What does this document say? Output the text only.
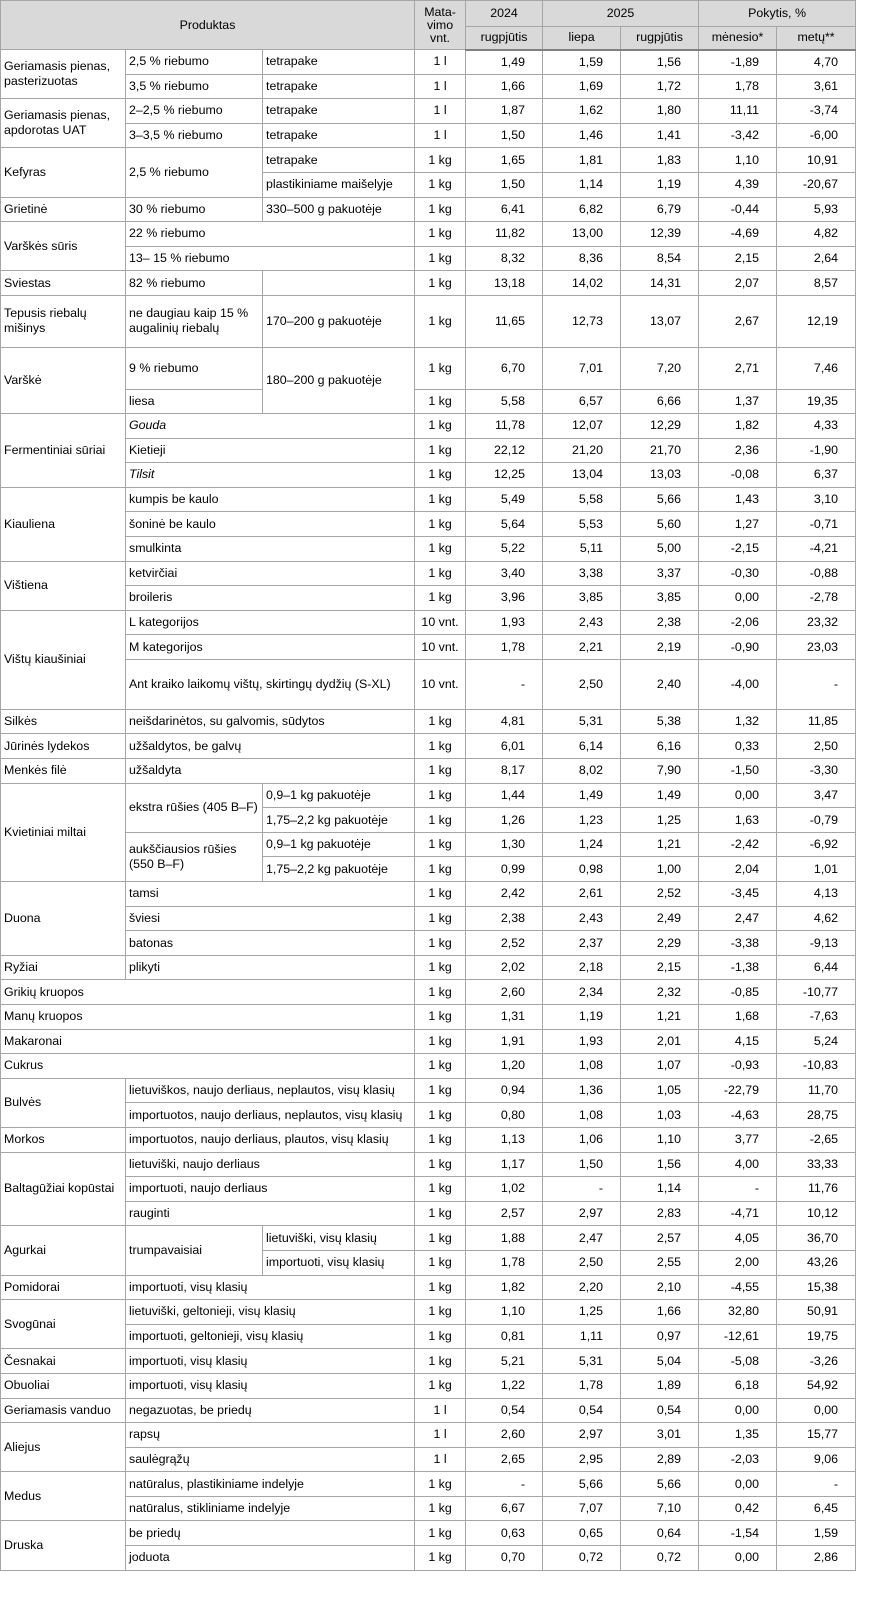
Produktas			Mata-
vimo
vnt.	2024	2025		Pokytis, %	
				rugpjūtis	liepa	rugpjūtis	mėnesio*	metų**
Geriamasis pienas, pasterizuotas	2,5 % riebumo	tetrapake	1 l	1,49	1,59	1,56	-1,89	4,70
	3,5 % riebumo	tetrapake	1 l	1,66	1,69	1,72	1,78	3,61
Geriamasis pienas, apdorotas UAT	2–2,5 % riebumo	tetrapake	1 l	1,87	1,62	1,80	11,11	-3,74
	3–3,5 % riebumo	tetrapake	1 l	1,50	1,46	1,41	-3,42	-6,00
Kefyras	2,5 % riebumo	tetrapake	1 kg	1,65	1,81	1,83	1,10	10,91
		plastikiniame maišelyje	1 kg	1,50	1,14	1,19	4,39	-20,67
Grietinė	30 % riebumo	330–500 g pakuotėje	1 kg	6,41	6,82	6,79	-0,44	5,93
Varškės sūris	22 % riebumo		1 kg	11,82	13,00	12,39	-4,69	4,82
	13– 15 % riebumo		1 kg	8,32	8,36	8,54	2,15	2,64
Sviestas	82 % riebumo		1 kg	13,18	14,02	14,31	2,07	8,57
Tepusis riebalų mišinys	ne daugiau kaip 15 % augalinių riebalų	170–200 g pakuotėje	1 kg	11,65	12,73	13,07	2,67	12,19
Varškė	9 % riebumo	180–200 g pakuotėje	1 kg	6,70	7,01	7,20	2,71	7,46
	liesa		1 kg	5,58	6,57	6,66	1,37	19,35
Fermentiniai sūriai	Gouda		1 kg	11,78	12,07	12,29	1,82	4,33
	Kietieji		1 kg	22,12	21,20	21,70	2,36	-1,90
	Tilsit		1 kg	12,25	13,04	13,03	-0,08	6,37
Kiauliena	kumpis be kaulo		1 kg	5,49	5,58	5,66	1,43	3,10
	šoninė be kaulo		1 kg	5,64	5,53	5,60	1,27	-0,71
	smulkinta		1 kg	5,22	5,11	5,00	-2,15	-4,21
Vištiena	ketvirčiai		1 kg	3,40	3,38	3,37	-0,30	-0,88
	broileris		1 kg	3,96	3,85	3,85	0,00	-2,78
Vištų kiaušiniai	L kategorijos		10 vnt.	1,93	2,43	2,38	-2,06	23,32
	M kategorijos		10 vnt.	1,78	2,21	2,19	-0,90	23,03
	Ant kraiko laikomų vištų, skirtingų dydžių (S-XL)		10 vnt.	-	2,50	2,40	-4,00	-
Silkės	neišdarinėtos, su galvomis, sūdytos		1 kg	4,81	5,31	5,38	1,32	11,85
Jūrinės lydekos	užšaldytos, be galvų		1 kg	6,01	6,14	6,16	0,33	2,50
Menkės filė	užšaldyta		1 kg	8,17	8,02	7,90	-1,50	-3,30
Kvietiniai miltai	ekstra rūšies (405 B–F)	0,9–1 kg pakuotėje	1 kg	1,44	1,49	1,49	0,00	3,47
		1,75–2,2 kg pakuotėje	1 kg	1,26	1,23	1,25	1,63	-0,79
	aukščiausios rūšies (550 B–F)	0,9–1 kg pakuotėje	1 kg	1,30	1,24	1,21	-2,42	-6,92
		1,75–2,2 kg pakuotėje	1 kg	0,99	0,98	1,00	2,04	1,01
Duona	tamsi		1 kg	2,42	2,61	2,52	-3,45	4,13
	šviesi		1 kg	2,38	2,43	2,49	2,47	4,62
	batonas		1 kg	2,52	2,37	2,29	-3,38	-9,13
Ryžiai	plikyti		1 kg	2,02	2,18	2,15	-1,38	6,44
Grikių kruopos			1 kg	2,60	2,34	2,32	-0,85	-10,77
Manų kruopos			1 kg	1,31	1,19	1,21	1,68	-7,63
Makaronai			1 kg	1,91	1,93	2,01	4,15	5,24
Cukrus			1 kg	1,20	1,08	1,07	-0,93	-10,83
Bulvės	lietuviškos, naujo derliaus, neplautos, visų klasių		1 kg	0,94	1,36	1,05	-22,79	11,70
	importuotos, naujo derliaus, neplautos, visų klasių		1 kg	0,80	1,08	1,03	-4,63	28,75
Morkos	importuotos, naujo derliaus, plautos, visų klasių		1 kg	1,13	1,06	1,10	3,77	-2,65
Baltagūžiai kopūstai	lietuviški, naujo derliaus		1 kg	1,17	1,50	1,56	4,00	33,33
	importuoti, naujo derliaus		1 kg	1,02	-	1,14	-	11,76
	rauginti		1 kg	2,57	2,97	2,83	-4,71	10,12
Agurkai	trumpavaisiai	lietuviški, visų klasių	1 kg	1,88	2,47	2,57	4,05	36,70
		importuoti, visų klasių	1 kg	1,78	2,50	2,55	2,00	43,26
Pomidorai	importuoti, visų klasių		1 kg	1,82	2,20	2,10	-4,55	15,38
Svogūnai	lietuviški, geltonieji, visų klasių		1 kg	1,10	1,25	1,66	32,80	50,91
	importuoti, geltonieji, visų klasių		1 kg	0,81	1,11	0,97	-12,61	19,75
Česnakai	importuoti, visų klasių		1 kg	5,21	5,31	5,04	-5,08	-3,26
Obuoliai	importuoti, visų klasių		1 kg	1,22	1,78	1,89	6,18	54,92
Geriamasis vanduo	negazuotas, be priedų		1 l	0,54	0,54	0,54	0,00	0,00
Aliejus	rapsų		1 l	2,60	2,97	3,01	1,35	15,77
	saulėgrąžų		1 l	2,65	2,95	2,89	-2,03	9,06
Medus	natūralus, plastikiniame indelyje		1 kg	-	5,66	5,66	0,00	-
	natūralus, stikliniame indelyje		1 kg	6,67	7,07	7,10	0,42	6,45
Druska	be priedų		1 kg	0,63	0,65	0,64	-1,54	1,59
	joduota		1 kg	0,70	0,72	0,72	0,00	2,86
